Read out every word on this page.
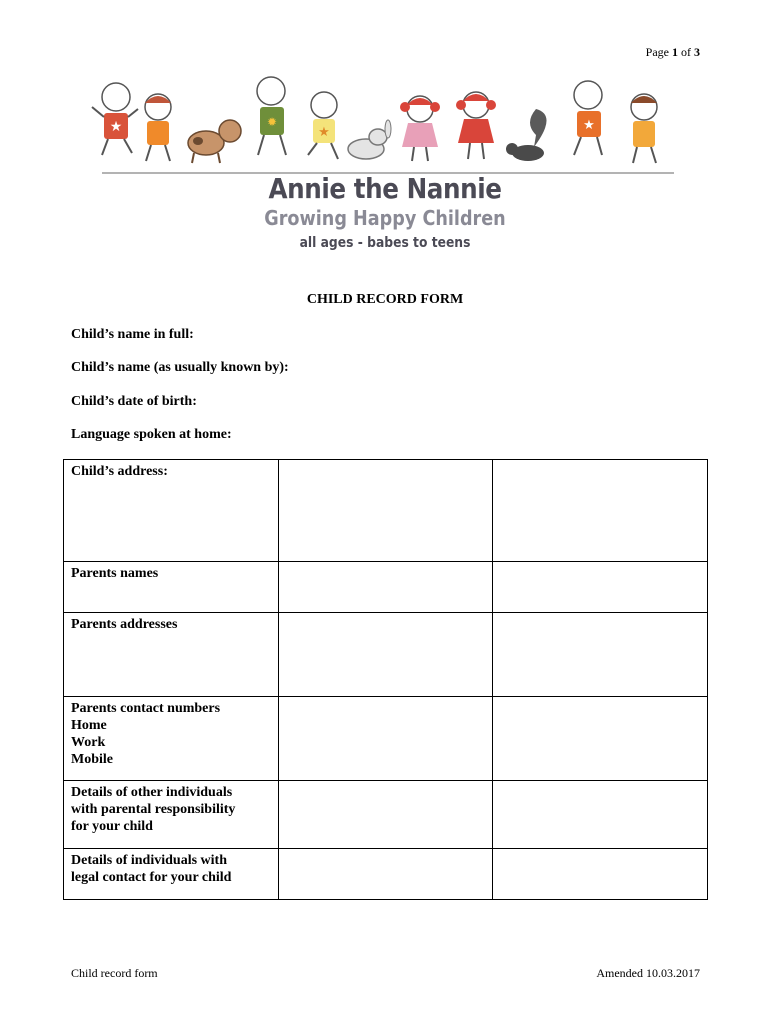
Page 1 of 3
★	✹
★	★
Annie the Nannie
Growing Happy Children
all ages - babes to teens
CHILD RECORD FORM
Child’s name in full:
Child’s name (as usually known by):
Child’s date of birth:
Language spoken at home:
Child’s address:		
Parents names		
Parents addresses		

Parents contact numbers
Home
Work
Mobile		

Details of other individuals
with parental responsibility
for your child		

Details of individuals with
legal contact for your child		

Child record form	Amended 10.03.2017
